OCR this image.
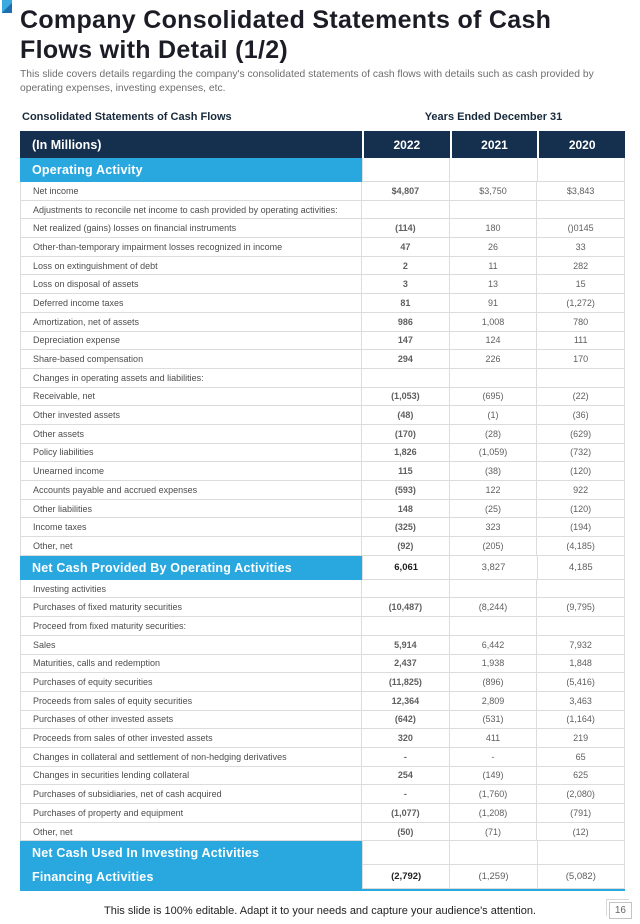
Company Consolidated Statements of Cash Flows with Detail (1/2)

This slide covers details regarding the company's consolidated statements of cash flows with details such as cash provided by operating expenses, investing expenses, etc.

Consolidated Statements of Cash Flows	Years Ended December 31
(In Millions)	2022	2021	2020
Operating Activity
Net income	$4,807	$3,750	$3,843
Adjustments to reconcile net income to cash provided by operating activities:
Net realized (gains) losses on financial instruments	(114)	180	()0145
Other-than-temporary impairment losses recognized in income	47	26	33
Loss on extinguishment of debt	2	11	282
Loss on disposal of assets	3	13	15
Deferred income taxes	81	91	(1,272)
Amortization, net of assets	986	1,008	780
Depreciation expense	147	124	111
Share-based compensation	294	226	170
Changes in operating assets and liabilities:
Receivable, net	(1,053)	(695)	(22)
Other invested assets	(48)	(1)	(36)
Other assets	(170)	(28)	(629)
Policy liabilities	1,826	(1,059)	(732)
Unearned income	115	(38)	(120)
Accounts payable and accrued expenses	(593)	122	922
Other liabilities	148	(25)	(120)
Income taxes	(325)	323	(194)
Other, net	(92)	(205)	(4,185)
Net Cash Provided By Operating Activities	6,061	3,827	4,185
Investing activities
Purchases of fixed maturity securities	(10,487)	(8,244)	(9,795)
Proceed from fixed maturity securities:
Sales	5,914	6,442	7,932
Maturities, calls and redemption	2,437	1,938	1,848
Purchases of equity securities	(11,825)	(896)	(5,416)
Proceeds from sales of equity securities	12,364	2,809	3,463
Purchases of other invested assets	(642)	(531)	(1,164)
Proceeds from sales of other invested assets	320	411	219
Changes in collateral and settlement of non-hedging derivatives	-	-	65
Changes in securities lending collateral	254	(149)	625
Purchases of subsidiaries, net of cash acquired	-	(1,760)	(2,080)
Purchases of property and equipment	(1,077)	(1,208)	(791)
Other, net	(50)	(71)	(12)
Net Cash Used In Investing Activities
Financing Activities	(2,792)	(1,259)	(5,082)
This slide is 100% editable. Adapt it to your needs and capture your audience's attention.	16
